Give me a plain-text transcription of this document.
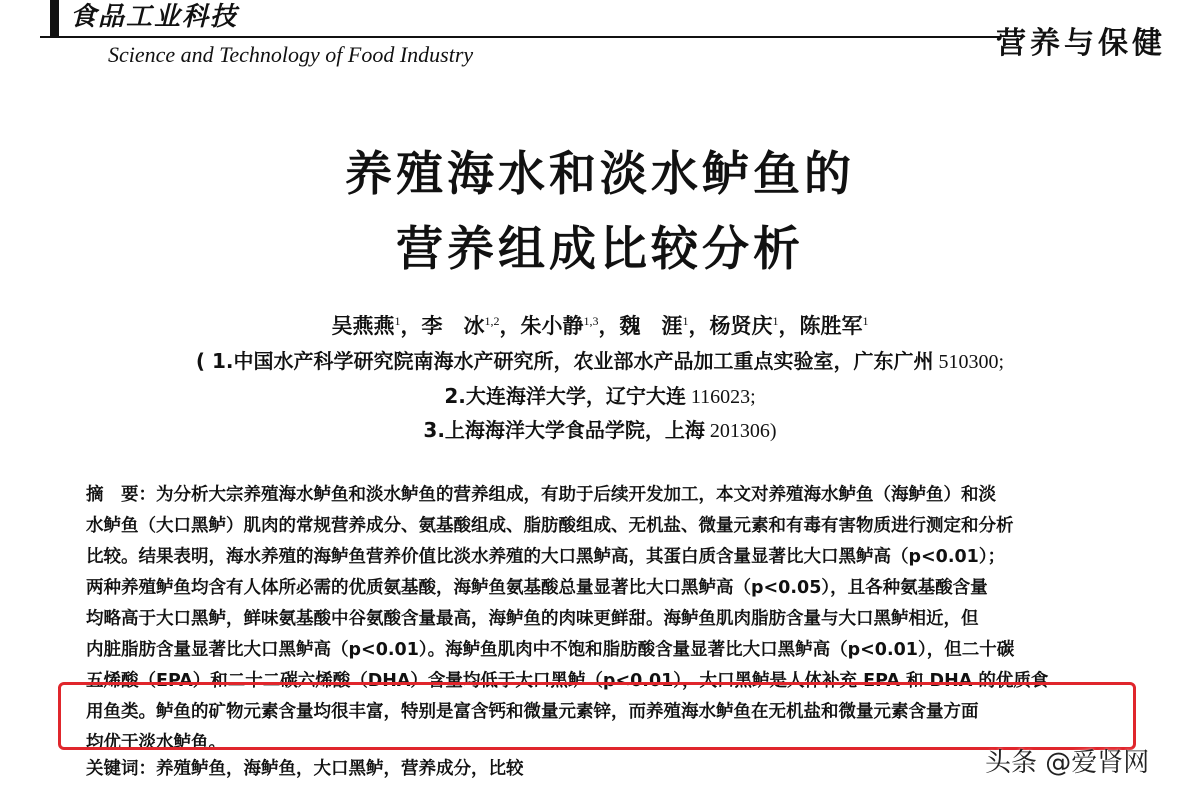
食品工业科技
Science and Technology of Food Industry	营养与保健
养殖海水和淡水鲈鱼的
营养组成比较分析
吴燕燕$^1$，李　冰$^{1,2}$，朱小静$^{1,3}$，魏　涯$^1$，杨贤庆$^1$，陈胜军$^1$
( 1.中国水产科学研究院南海水产研究所，农业部水产品加工重点实验室，广东广州 510300;
2.大连海洋大学，辽宁大连 116023;
3.上海海洋大学食品学院，上海 201306)
摘　要：为分析大宗养殖海水鲈鱼和淡水鲈鱼的营养组成，有助于后续开发加工，本文对养殖海水鲈鱼（海鲈鱼）和淡
水鲈鱼（大口黑鲈）肌肉的常规营养成分、氨基酸组成、脂肪酸组成、无机盐、微量元素和有毒有害物质进行测定和分析
比较。结果表明，海水养殖的海鲈鱼营养价值比淡水养殖的大口黑鲈高，其蛋白质含量显著比大口黑鲈高（p<0.01）；
两种养殖鲈鱼均含有人体所必需的优质氨基酸，海鲈鱼氨基酸总量显著比大口黑鲈高（p<0.05），且各种氨基酸含量
均略高于大口黑鲈，鲜味氨基酸中谷氨酸含量最高，海鲈鱼的肉味更鲜甜。海鲈鱼肌肉脂肪含量与大口黑鲈相近，但
内脏脂肪含量显著比大口黑鲈高（p<0.01）。海鲈鱼肌肉中不饱和脂肪酸含量显著比大口黑鲈高（p<0.01），但二十碳
五烯酸（EPA）和二十二碳六烯酸（DHA）含量均低于大口黑鲈（p<0.01），大口黑鲈是人体补充 EPA 和 DHA 的优质食
用鱼类。鲈鱼的矿物元素含量均很丰富，特别是富含钙和微量元素锌，而养殖海水鲈鱼在无机盐和微量元素含量方面
均优于淡水鲈鱼。
关键词：养殖鲈鱼，海鲈鱼，大口黑鲈，营养成分，比较	头条 @爱肾网
